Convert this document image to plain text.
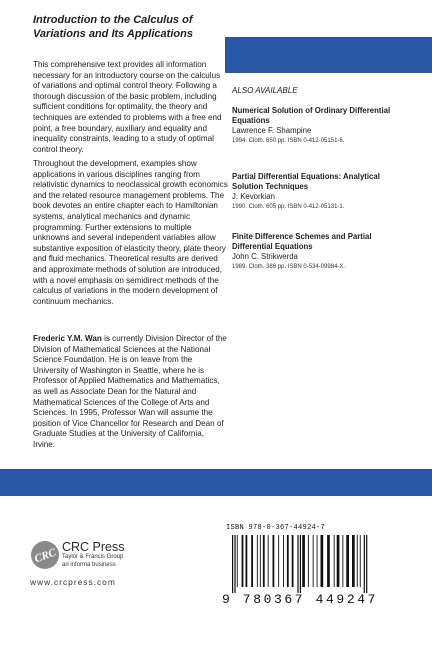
Introduction to the Calculus of Variations and Its Applications

This comprehensive text provides all information necessary for an introductory course on the calculus of variations and optimal control theory. Following a thorough discussion of the basic problem, including sufficient conditions for optimality, the theory and techniques are extended to problems with a free end point, a free boundary, auxiliary and equality and inequality constraints, leading to a study of optimal control theory.

Throughout the development, examples show applications in various disciplines ranging from relativistic dynamics to neoclassical growth economics and the related resource management problems. The book devotes an entire chapter each to Hamiltonian systems, analytical mechanics and dynamic programming. Further extensions to multiple unknowns and several independent variables allow substantive exposition of elasticity theory, plate theory and fluid mechanics. Theoretical results are derived and approximate methods of solution are introduced, with a novel emphasis on semidirect methods of the calculus of variations in the modern development of continuum mechanics.

Frederic Y.M. Wan is currently Division Director of the Division of Mathematical Sciences at the National Science Foundation. He is on leave from the University of Washington in Seattle, where he is Professor of Applied Mathematics and Mathematics, as well as Associate Dean for the Natural and Mathematical Sciences of the College of Arts and Sciences. In 1995, Professor Wan will assume the position of Vice Chancellor for Research and Dean of Graduate Studies at the University of California, Irvine.

ALSO AVAILABLE

Numerical Solution of Ordinary Differential Equations

Lawrence F. Shampine

1994. Cloth. 650 pp. ISBN 0-412-05151-6.

Partial Differential Equations: Analytical Solution Techniques

J. Kevorkian

1990. Cloth. 605 pp. ISBN 0-412-05131-1.

Finite Difference Schemes and Partial Differential Equations

John C. Strikwerda

1989. Cloth. 386 pp. ISBN 0-534-09984-X.

CRC CRC Press

Taylor & Francis Group

an informa business

www.crcpress.com

ISBN 978-0-367-44924-7

9 780367 449247
